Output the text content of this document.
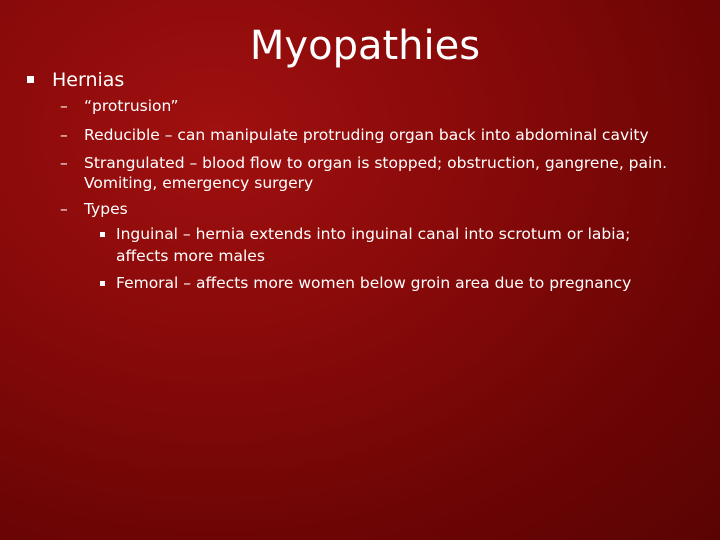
Myopathies
Hernias
– “protrusion”
– Reducible – can manipulate protruding organ back into abdominal cavity
– Strangulated – blood flow to organ is stopped; obstruction, gangrene, pain.
Vomiting, emergency surgery
– Types
Inguinal – hernia extends into inguinal canal into scrotum or labia;
affects more males
Femoral – affects more women below groin area due to pregnancy
